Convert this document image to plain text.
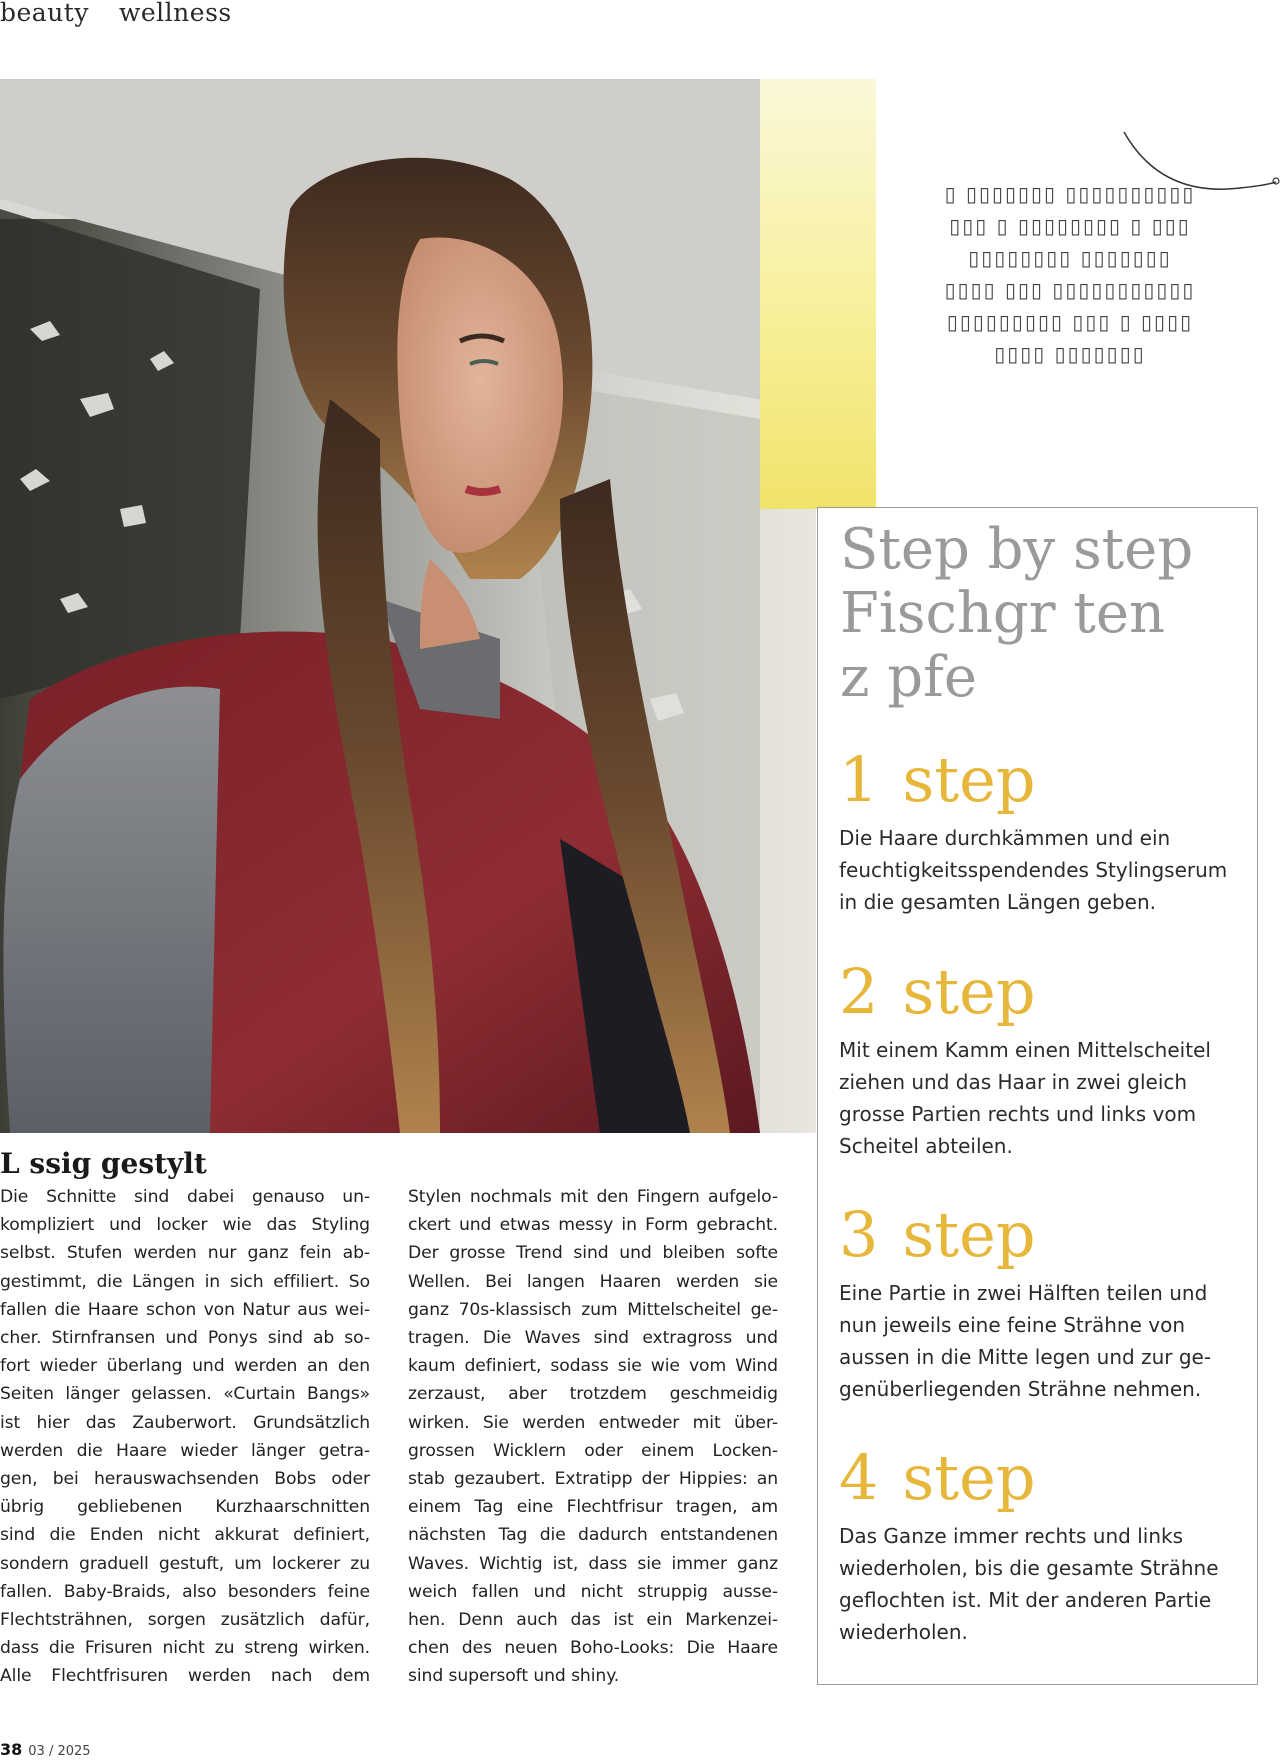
beauty wellness
▯ ▯▯▯▯▯▯▯ ▯▯▯▯▯▯▯▯▯▯
▯▯▯ ▯ ▯▯▯▯▯▯▯▯ ▯ ▯▯▯
▯▯▯▯▯▯▯▯ ▯▯▯▯▯▯▯
▯▯▯▯ ▯▯▯ ▯▯▯▯▯▯▯▯▯▯▯
▯▯▯▯▯▯▯▯▯ ▯▯▯ ▯ ▯▯▯▯
▯▯▯▯ ▯▯▯▯▯▯▯
Step by step
Fischgr ten
z pfe
1 step
Die Haare durchkämmen und ein
feuchtigkeitsspendendes Stylingserum
in die gesamten Längen geben.
2 step
Mit einem Kamm einen Mittelscheitel
ziehen und das Haar in zwei gleich
grosse Partien rechts und links vom
Scheitel abteilen.
3 step
Eine Partie in zwei Hälften teilen und
nun jeweils eine feine Strähne von
aussen in die Mitte legen und zur ge-
genüberliegenden Strähne nehmen.
4 step
Das Ganze immer rechts und links
wiederholen, bis die gesamte Strähne
geflochten ist. Mit der anderen Partie
wiederholen.
L ssig gestylt
Die Schnitte sind dabei genauso un-
kompliziert und locker wie das Styling
selbst. Stufen werden nur ganz fein ab-
gestimmt, die Längen in sich effiliert. So
fallen die Haare schon von Natur aus wei-
cher. Stirnfransen und Ponys sind ab so-
fort wieder überlang und werden an den
Seiten länger gelassen. «Curtain Bangs»
ist hier das Zauberwort. Grundsätzlich
werden die Haare wieder länger getra-
gen, bei herauswachsenden Bobs oder
übrig gebliebenen Kurzhaarschnitten
sind die Enden nicht akkurat definiert,
sondern graduell gestuft, um lockerer zu
fallen. Baby-Braids, also besonders feine
Flechtsträhnen, sorgen zusätzlich dafür,
dass die Frisuren nicht zu streng wirken.
Alle Flechtfrisuren werden nach dem
Stylen nochmals mit den Fingern aufgelo-
ckert und etwas messy in Form gebracht.
Der grosse Trend sind und bleiben softe
Wellen. Bei langen Haaren werden sie
ganz 70s-klassisch zum Mittelscheitel ge-
tragen. Die Waves sind extragross und
kaum definiert, sodass sie wie vom Wind
zerzaust, aber trotzdem geschmeidig
wirken. Sie werden entweder mit über-
grossen Wicklern oder einem Locken-
stab gezaubert. Extratipp der Hippies: an
einem Tag eine Flechtfrisur tragen, am
nächsten Tag die dadurch entstandenen
Waves. Wichtig ist, dass sie immer ganz
weich fallen und nicht struppig ausse-
hen. Denn auch das ist ein Markenzei-
chen des neuen Boho-Looks: Die Haare
sind supersoft und shiny.
38 03 / 2025
